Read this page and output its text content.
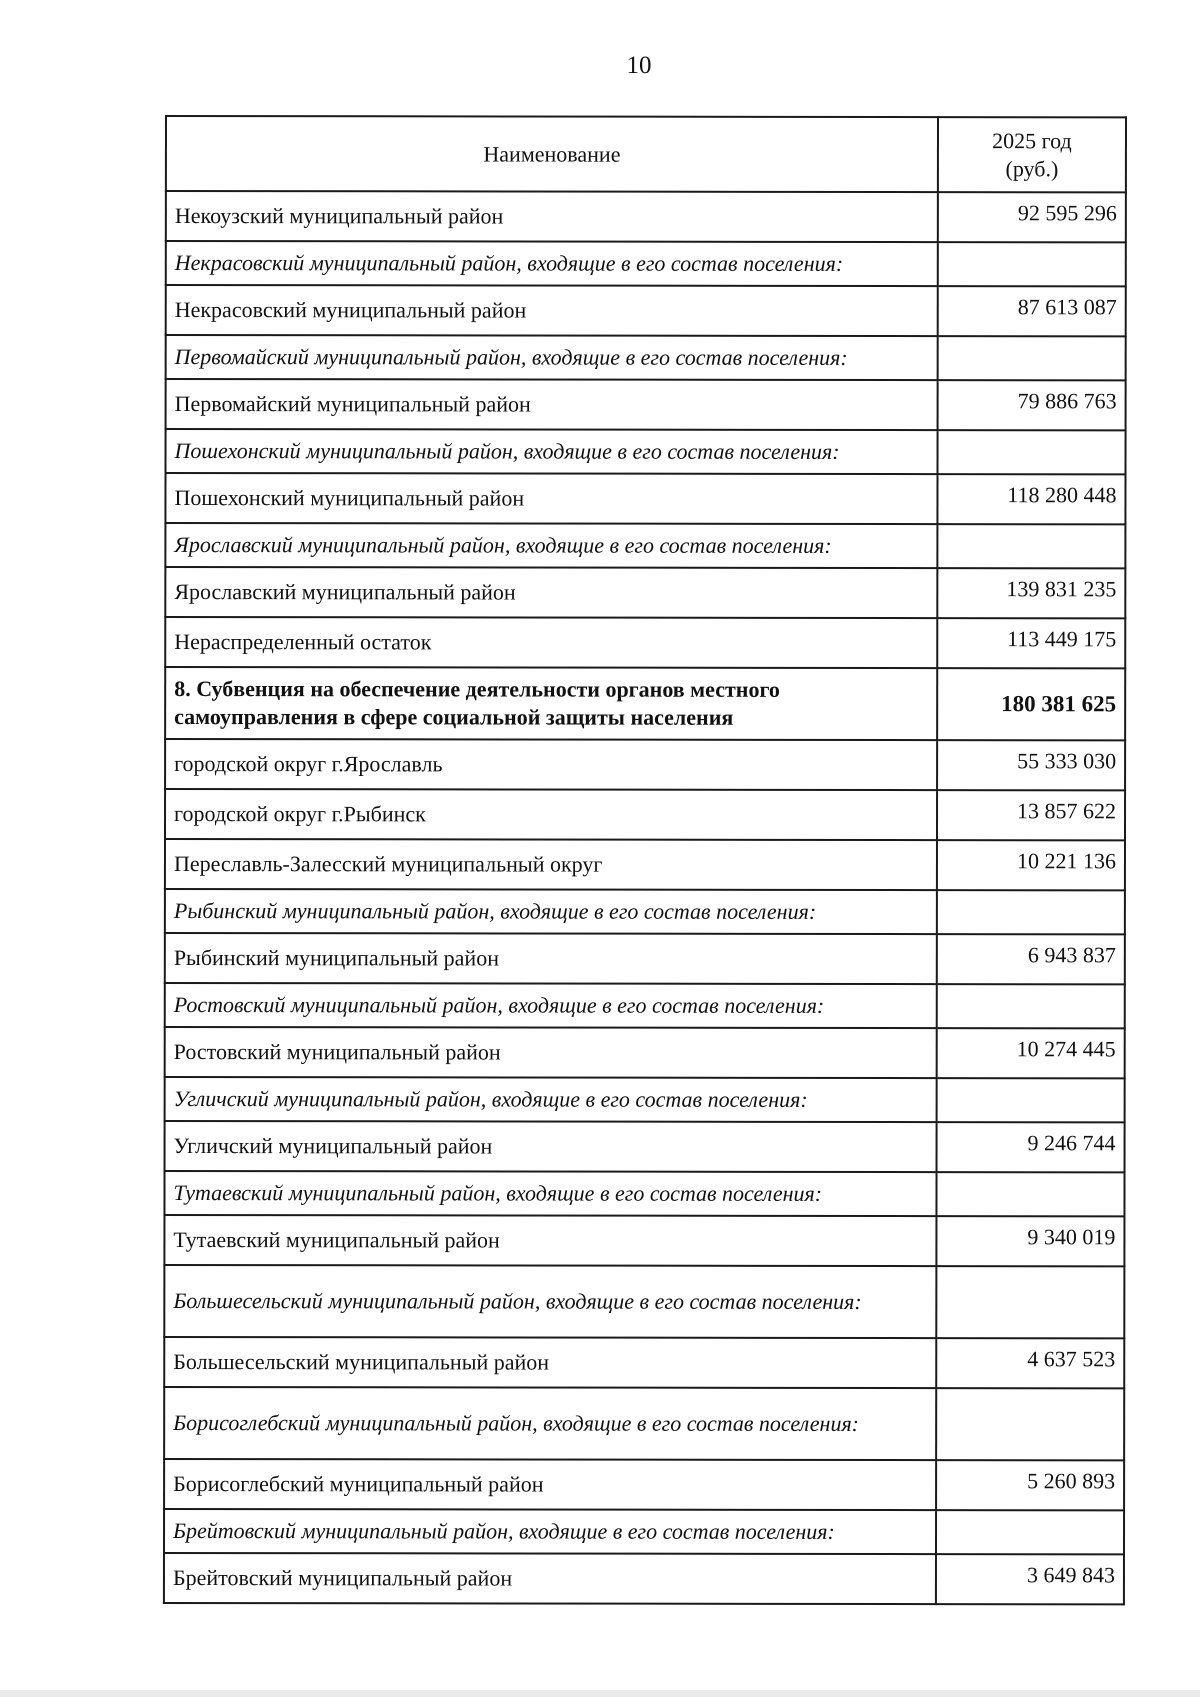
10
Наименование	2025 год
(руб.)

Некоузский муниципальный район	92 595 296
Некрасовский муниципальный район, входящие в его состав поселения:	
Некрасовский муниципальный район	87 613 087
Первомайский муниципальный район, входящие в его состав поселения:	
Первомайский муниципальный район	79 886 763
Пошехонский муниципальный район, входящие в его состав поселения:	
Пошехонский муниципальный район	118 280 448
Ярославский муниципальный район, входящие в его состав поселения:	
Ярославский муниципальный район	139 831 235
Нераспределенный остаток	113 449 175
8. Субвенция на обеспечение деятельности органов местного самоуправления в сфере социальной защиты населения	180 381 625
городской округ г.Ярославль	55 333 030
городской округ г.Рыбинск	13 857 622
Переславль-Залесский муниципальный округ	10 221 136
Рыбинский муниципальный район, входящие в его состав поселения:	
Рыбинский муниципальный район	6 943 837
Ростовский муниципальный район, входящие в его состав поселения:	
Ростовский муниципальный район	10 274 445
Угличский муниципальный район, входящие в его состав поселения:	
Угличский муниципальный район	9 246 744
Тутаевский муниципальный район, входящие в его состав поселения:	
Тутаевский муниципальный район	9 340 019
Большесельский муниципальный район, входящие в его состав поселения:	
Большесельский муниципальный район	4 637 523
Борисоглебский муниципальный район, входящие в его состав поселения:	
Борисоглебский муниципальный район	5 260 893
Брейтовский муниципальный район, входящие в его состав поселения:	
Брейтовский муниципальный район	3 649 843
